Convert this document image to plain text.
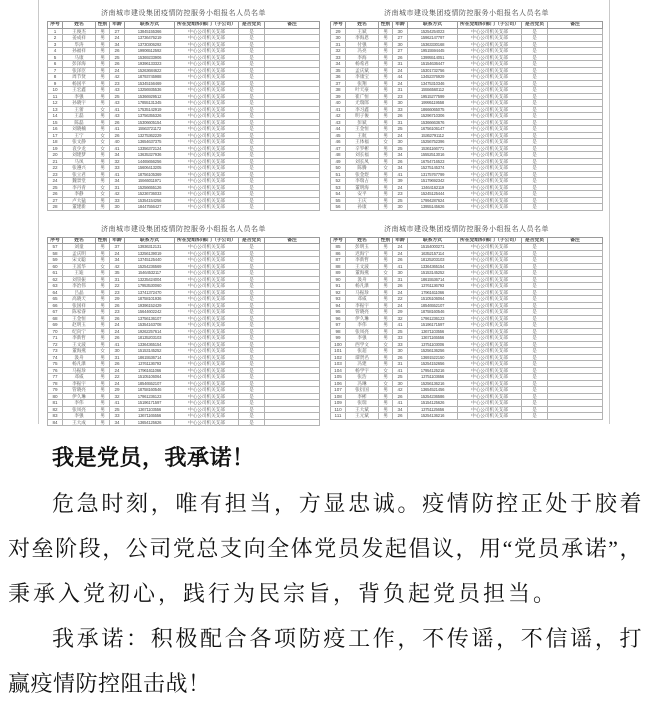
济南城市建设集团疫情防控服务小组报名人员名单
序号	姓名	性别	年龄	联系方式	所在党组织/部门（子公司）	是否党员	备注
1	王俊杰	男	27	13845155366	中心公司机关支部	是	
2	姜成祥	男	24	13736476219	中心公司机关支部	是	
3	毕涛	男	34	13730306292	中心公司机关支部	是	
4	孙福祥	男	26	19906512592	中心公司机关支部	是	
5	马康	男	25	15369233906	中心公司机关支部	是	
6	彭泽海	男	26	19396133323	中心公司机关支部	是	
7	张泽臣	男	24	15263684622	中心公司机关支部	是	
8	周节贤	男	42	18793745988	中心公司机关支部	是	
9	杨国平	男	23	15345156469	中心公司机关支部	是	
10	王宏鑫	男	43	13256935536	中心公司机关支部	是	
11	李强	男	25	15366929512	中心公司机关支部	是	
12	孙晓宇	男	43	17855131345	中心公司机关支部	是	
13	王蕾	女	41	17535142919	中心公司机关支部	是	
14	王磊	男	43	13756355326	中心公司机关支部	是	
15	陈磊	男	26	15306605154	中心公司机关支部	是	
16	刘晓楠	男	41	15563721172	中心公司机关支部	是	
17	王宁	女	26	13275362229	中心公司机关支部	是	
18	张文静	女	40	13654637375	中心公司机关支部	是	
19	袁少龙	女	41	13356372124	中心公司机关支部	是	
20	刘建梦	男	34	13635327936	中心公司机关支部	是	
21	马凤	男	32	14465656256	中心公司机关支部	是	
22	张遵兴	男	33	15606413205	中心公司机关支部	是	
23	张立君	男	41	18756105369	中心公司机关支部	是	
24	魏景堂	男	34	15946011971	中心公司机关支部	是	
25	李丹青	女	31	15256655126	中心公司机关支部	是	
26	李静	女	42	15236736033	中心公司机关支部	是	
27	卢大猛	男	33	15354154256	中心公司机关支部	是	
28	董建新	男	30	18447556427	中心公司机关支部	是	
济南城市建设集团疫情防控服务小组报名人员名单
序号	姓名	性别	年龄	联系方式	所在党组织/部门（子公司）	是否党员	备注
29	王斌	男	30	15254254023	中心公司机关支部	是	
30	李海恩	男	27	15962147797	中心公司机关支部	是	
31	付强	男	30	15363330168	中心公司机关支部	是	
32	冯亮	男	27	19515594445	中心公司机关支部	是	
33	李海	男	26	13995514051	中心公司机关支部	是	
34	杨希君	男	31	15154636447	中心公司机关支部	是	
35	孟庆斌	男	24	15301732756	中心公司机关支部	是	
36	李康宝	男	44	13452376929	中心公司机关支部	是	
37	张翔	男	24	13475310346	中心公司机关支部	是	
38	叶天豪	男	31	15556560112	中心公司机关支部	是	
39	崔广恒	男	23	19515277599	中心公司机关支部	是	
40	尤瑞郎	男	30	19995119558	中心公司机关支部	是	
41	李习鑫	男	33	18666065075	中心公司机关支部	是	
42	明子俊	男	26	15296710306	中心公司机关支部	是	
43	彭斌	男	31	15366663676	中心公司机关支部	是	
44	王金恒	男	25	16756106147	中心公司机关支部	是	
45	王航	男	24	15362791112	中心公司机关支部	是	
46	王体福	女	30	15256752396	中心公司机关支部	是	
47	辛罗彬	男	25	15361166771	中心公司机关支部	是	
48	刘长福	男	34	15552513016	中心公司机关支部	是	
49	刘长凤	男	26	16754716523	中心公司机关支部	是	
50	陈腾	女	34	15275145374	中心公司机关支部	是	
51	张金煜	男	41	13175767799	中心公司机关支部	是	
52	李瑞占	男	39	15179692342	中心公司机关支部	是	
53	董明海	男	24	13464162119	中心公司机关支部	是	
54	安平	男	23	15245125444	中心公司机关支部	是	
55	王庆	男	25	17994287624	中心公司机关支部	是	
56	孙康	男	30	13955145626	中心公司机关支部	是	
济南城市建设集团疫情防控服务小组报名人员名单
序号	姓名	性别	年龄	联系方式	所在党组织/部门（子公司）	是否党员	备注
57	刘童	男	37	13936312131	中心公司机关支部	是	
58	孟庆明	男	24	13256139019	中心公司机关支部	是	
59	宋文聪	男	34	13745125440	中心公司机关支部	是	
60	王富华	女	42	15254236569	中心公司机关支部	是	
61	王迪	男	35	15464532117	中心公司机关支部	是	
62	刘崇振	男	31	13235424004	中心公司机关支部	是	
63	李治伟	男	22	17953530060	中心公司机关支部	是	
64	吕晶	男	23	13741372470	中心公司机关支部	是	
65	高晓天	男	29	18758101936	中心公司机关支部	是	
66	张国祥	男	26	19396152429	中心公司机关支部	是	
67	陈家睿	男	23	15644602242	中心公司机关支部	是	
68	王金恒	男	26	13756136107	中心公司机关支部	是	
69	赵明玉	男	24	15354163708	中心公司机关支部	是	
70	纪向宁	男	24	19262257614	中心公司机关支部	是	
71	李新哲	男	26	18135203103	中心公司机关支部	是	
72	王文波	男	41	13364365154	中心公司机关支部	是	
73	董海燕	女	30	15153145252	中心公司机关支部	是	
74	汲舟	男	31	18615536714	中心公司机关支部	是	
75	杨凡瀑	男	26	13761136793	中心公司机关支部	是	
76	马振珍	男	24	17961611066	中心公司机关支部	是	
77	邓威	男	22	15105106064	中心公司机关支部	是	
78	李振宇	男	24	18546552107	中心公司机关支部	是	
79	管晓亮	男	29	18758160546	中心公司机关支部	是	
80	伊久琳	男	32	17961236123	中心公司机关支部	是	
81	李伟	男	41	15196171597	中心公司机关支部	是	
82	张凤亮	男	25	13671103556	中心公司机关支部	是	
83	李强	男	33	13671165556	中心公司机关支部	是	
84	王大成	男	34	13654125626	中心公司机关支部	是	
济南城市建设集团疫情防控服务小组报名人员名单
序号	姓名	性别	年龄	联系方式	所在党组织/部门（子公司）	是否党员	备注
85	彭明玉	男	24	15154000271	中心公司机关支部	是	
86	迟海宁	男	24	16352157114	中心公司机关支部	是	
87	李新哲	男	26	18125203103	中心公司机关支部	是	
88	王文波	男	41	13364365154	中心公司机关支部	是	
89	董海燕	女	30	15153145252	中心公司机关支部	是	
90	汲舟	男	31	18615536714	中心公司机关支部	是	
91	杨凡瀑	男	26	13761136793	中心公司机关支部	是	
92	马振珍	男	24	17961611066	中心公司机关支部	是	
93	邓威	男	22	15105106064	中心公司机关支部	是	
94	李振宇	男	24	18546552107	中心公司机关支部	是	
95	管晓亮	男	29	18758160546	中心公司机关支部	是	
96	伊久琳	男	32	17961236123	中心公司机关支部	是	
97	李伟	男	41	15196171597	中心公司机关支部	是	
98	张凤亮	男	25	13671103556	中心公司机关支部	是	
99	李强	男	33	13671165556	中心公司机关支部	是	
100	西学文	女	33	13751103006	中心公司机关支部	是	
101	张超	男	30	15256136256	中心公司机关支部	是	
102	谭贤名	男	26	13691522150	中心公司机关支部	是	
103	冯建	男	31	15254152656	中心公司机关支部	是	
104	杨学宇	女	41	17954125216	中心公司机关支部	是	
105	张浩	男	25	13751103656	中心公司机关支部	是	
106	冯琳	女	30	15256136216	中心公司机关支部	是	
107	张衍国	男	42	13654521456	中心公司机关支部	是	
108	李彬	男	26	15254236586	中心公司机关支部	是	
109	张瑞	男	41	15154125626	中心公司机关支部	是	
110	王大斌	男	34	13751125656	中心公司机关支部	是	
111	王元斌	男	26	15254136216	中心公司机关支部	是	
我是党员，我承诺！
危急时刻，唯有担当，方显忠诚。疫情防控正处于胶着
对垒阶段，公司党总支向全体党员发起倡议，用“党员承诺”，
秉承入党初心，践行为民宗旨，背负起党员担当。
我承诺：积极配合各项防疫工作，不传谣，不信谣，打
赢疫情防控阻击战！
